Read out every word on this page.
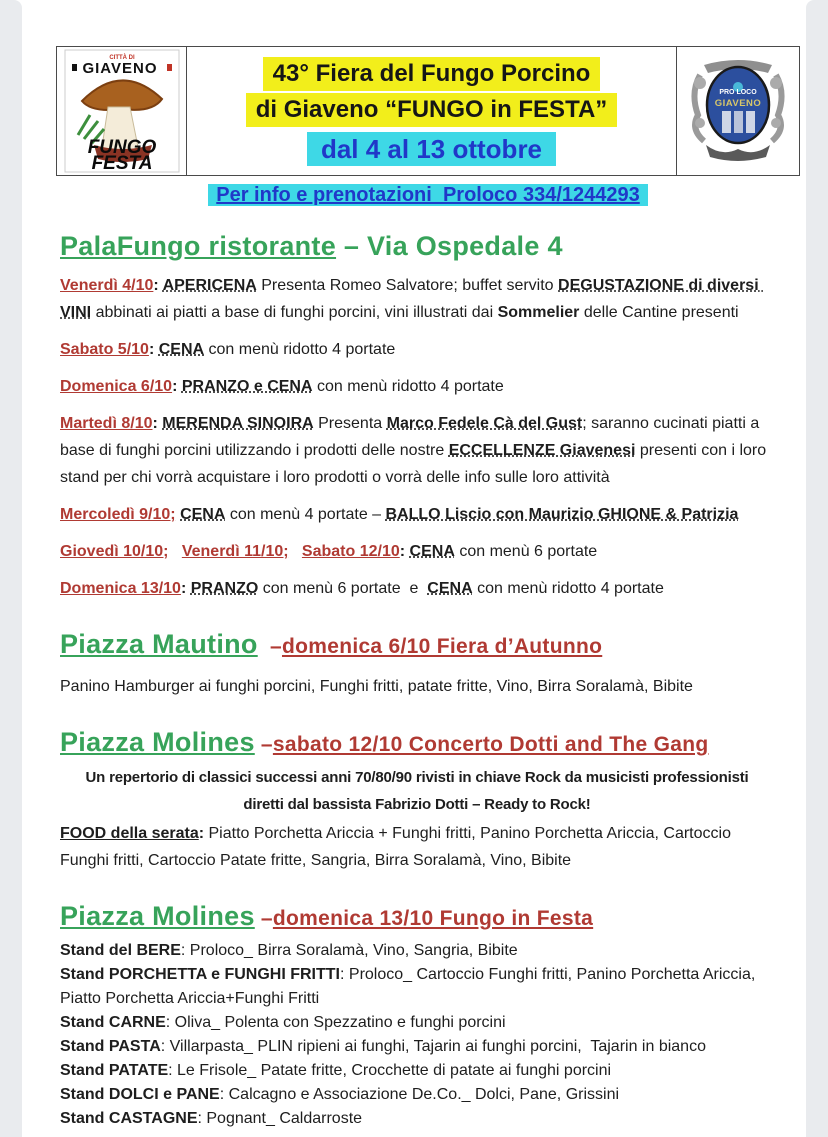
CITTÀ DI
GIAVENO
FUNGO
FESTA
43° Fiera del Fungo Porcino
di Giaveno “FUNGO in FESTA”
dal 4 al 13 ottobre
PRO LOCO
GIAVENO
Per info e prenotazioni  Proloco 334/1244293
PalaFungo ristorante – Via Ospedale 4
Venerdì 4/10: APERICENA Presenta Romeo Salvatore; buffet servito DEGUSTAZIONE di diversi VINI abbinati ai piatti a base di funghi porcini, vini illustrati dai Sommelier delle Cantine presenti
Sabato 5/10: CENA con menù ridotto 4 portate
Domenica 6/10: PRANZO e CENA con menù ridotto 4 portate
Martedì 8/10: MERENDA SINOIRA Presenta Marco Fedele Cà del Gust; saranno cucinati piatti a base di funghi porcini utilizzando i prodotti delle nostre ECCELLENZE Giavenesi presenti con i loro stand per chi vorrà acquistare i loro prodotti o vorrà delle info sulle loro attività
Mercoledì 9/10; CENA con menù 4 portate – BALLO Liscio con Maurizio GHIONE & Patrizia
Giovedì 10/10; Venerdì 11/10; Sabato 12/10: CENA con menù 6 portate
Domenica 13/10: PRANZO con menù 6 portate  e  CENA con menù ridotto 4 portate
Piazza Mautino  –domenica 6/10 Fiera d’Autunno
Panino Hamburger ai funghi porcini, Funghi fritti, patate fritte, Vino, Birra Soralamà, Bibite
Piazza Molines –sabato 12/10 Concerto Dotti and The Gang
Un repertorio di classici successi anni 70/80/90 rivisti in chiave Rock da musicisti professionisti
diretti dal bassista Fabrizio Dotti – Ready to Rock!
FOOD della serata: Piatto Porchetta Ariccia + Funghi fritti, Panino Porchetta Ariccia, Cartoccio Funghi fritti, Cartoccio Patate fritte, Sangria, Birra Soralamà, Vino, Bibite
Piazza Molines –domenica 13/10 Fungo in Festa
Stand del BERE: Proloco_ Birra Soralamà, Vino, Sangria, Bibite
Stand PORCHETTA e FUNGHI FRITTI: Proloco_ Cartoccio Funghi fritti, Panino Porchetta Ariccia, Piatto Porchetta Ariccia+Funghi Fritti
Stand CARNE: Oliva_ Polenta con Spezzatino e funghi porcini
Stand PASTA: Villarpasta_ PLIN ripieni ai funghi, Tajarin ai funghi porcini,  Tajarin in bianco
Stand PATATE: Le Frisole_ Patate fritte, Crocchette di patate ai funghi porcini
Stand DOLCI e PANE: Calcagno e Associazione De.Co._ Dolci, Pane, Grissini
Stand CASTAGNE: Pognant_ Caldarroste
